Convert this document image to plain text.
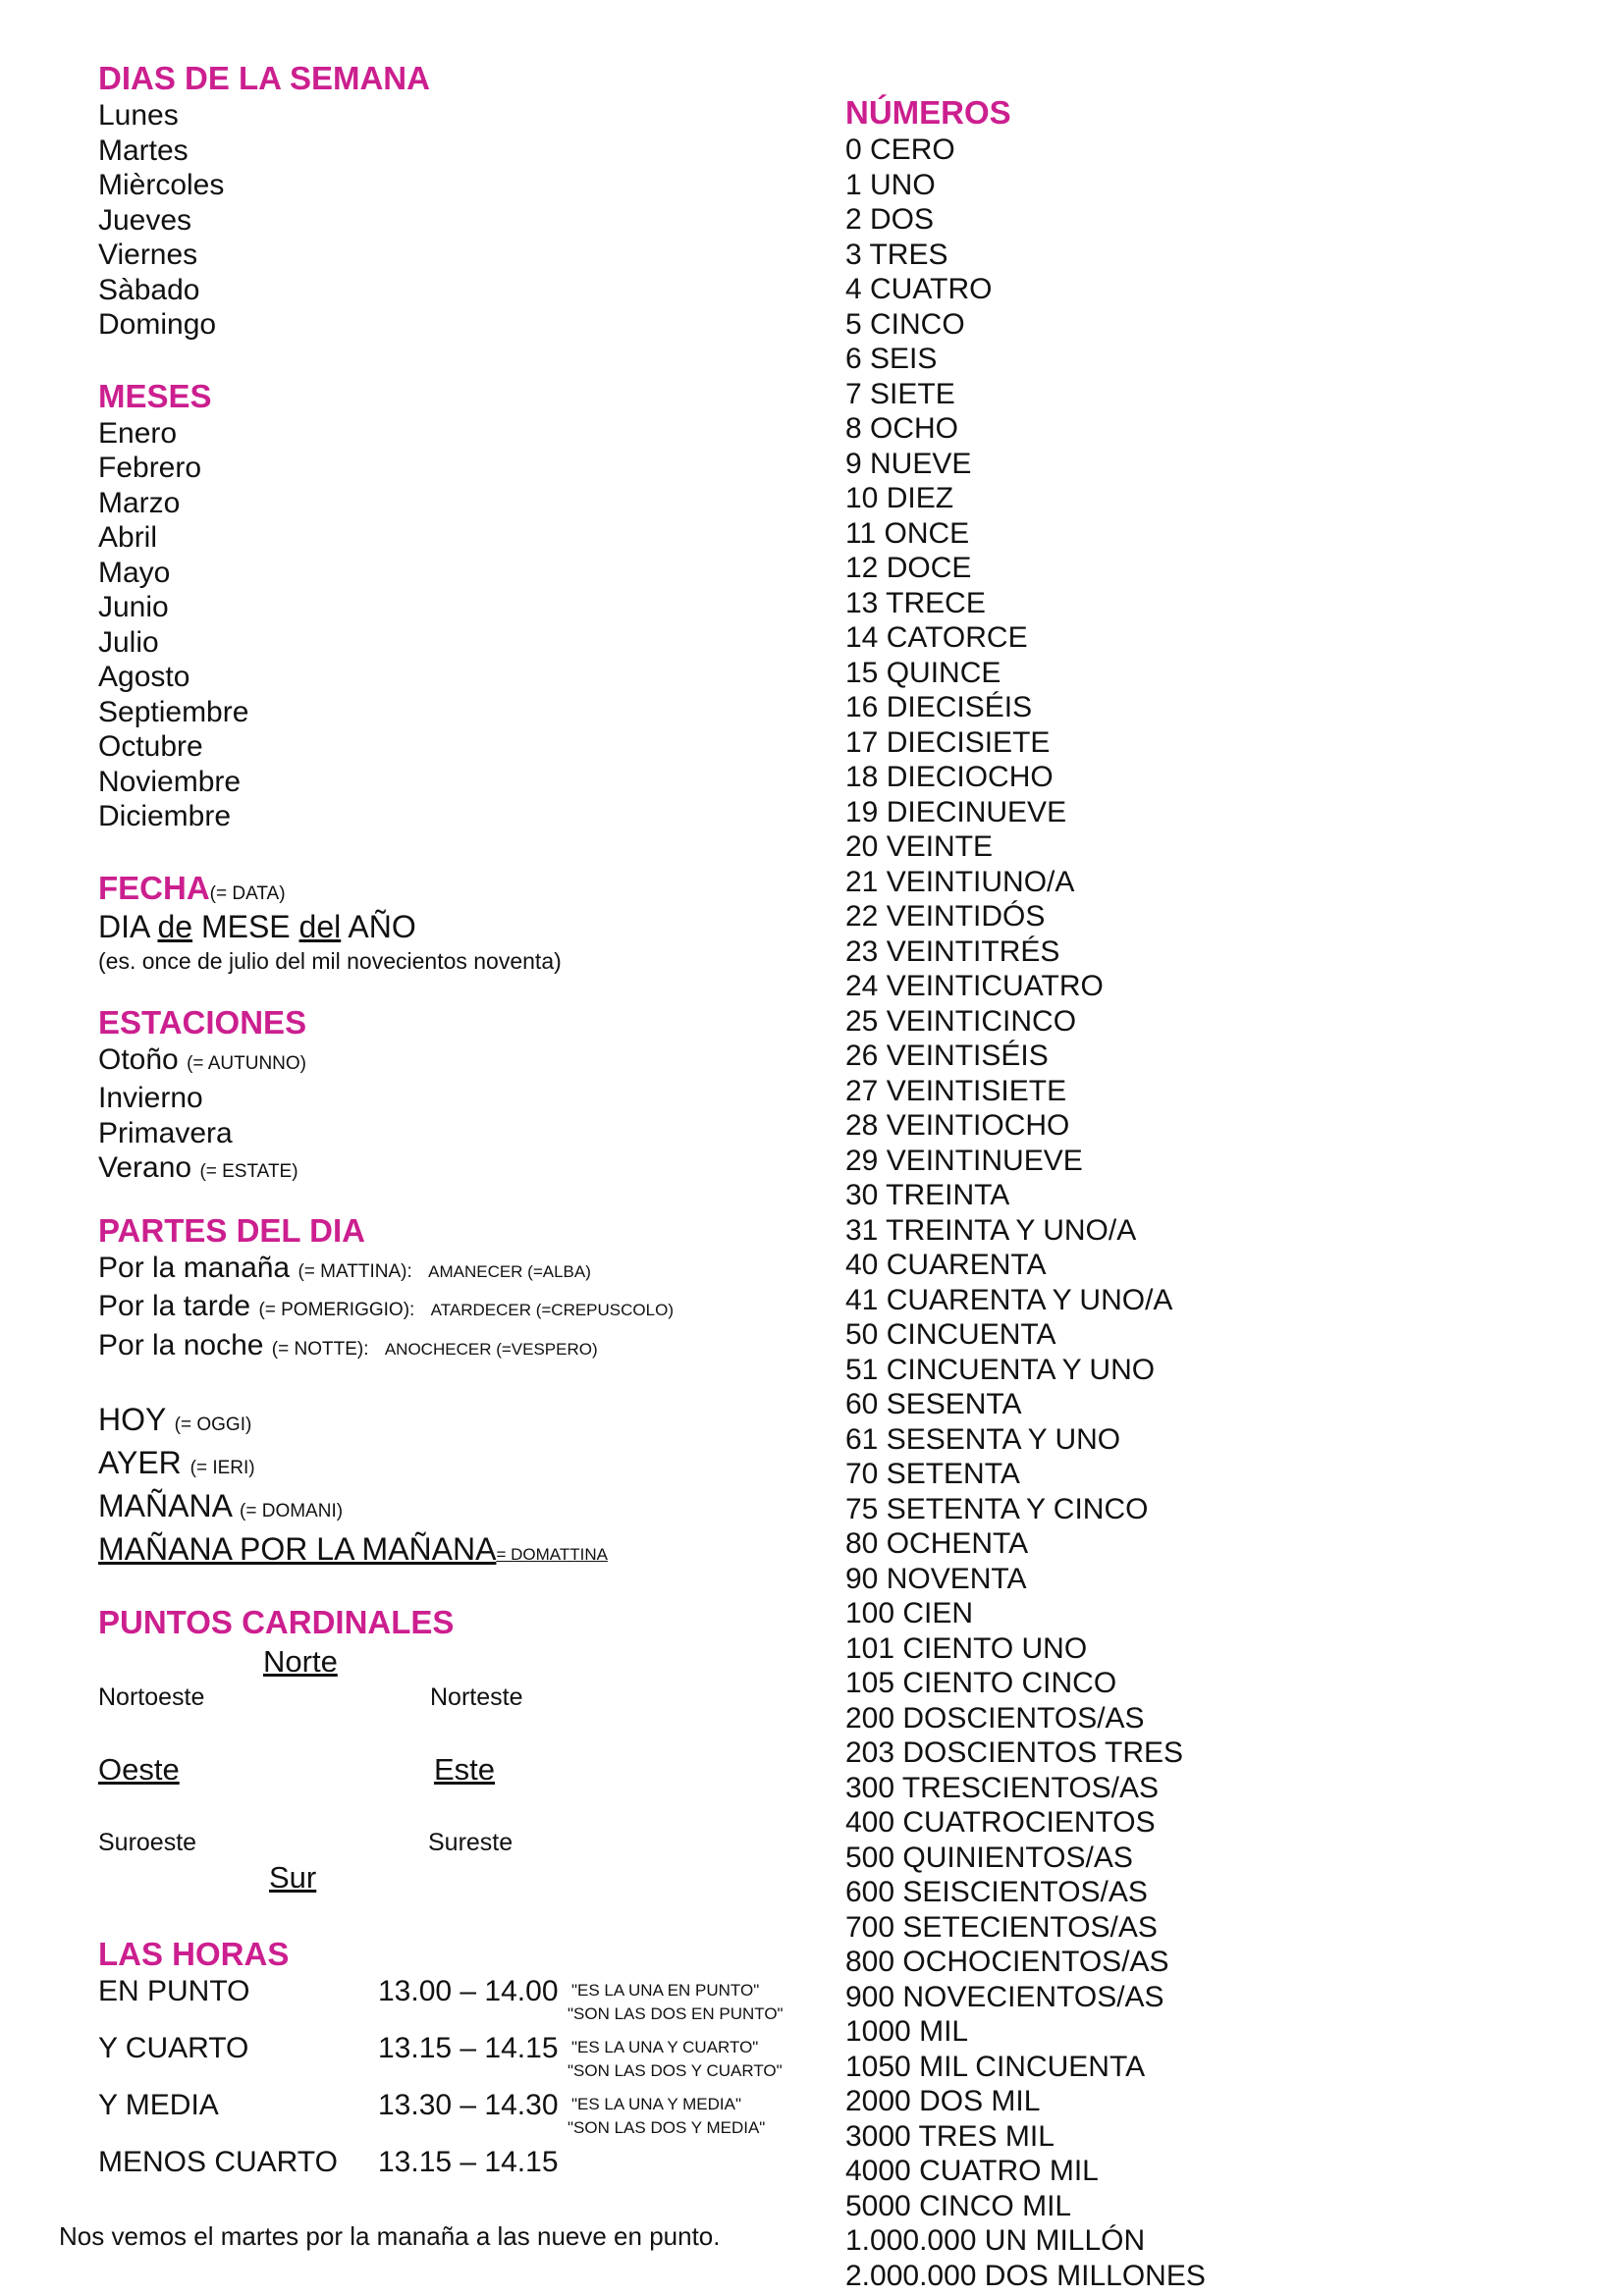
DIAS DE LA SEMANA
Lunes
Martes
Mièrcoles
Jueves
Viernes
Sàbado
Domingo
MESES
Enero
Febrero
Marzo
Abril
Mayo
Junio
Julio
Agosto
Septiembre
Octubre
Noviembre
Diciembre
FECHA(= DATA)
DIA de MESE del AÑO
(es. once de julio del mil novecientos noventa)
ESTACIONES
Otoño (= AUTUNNO)
Invierno
Primavera
Verano (= ESTATE)
PARTES DEL DIA
Por la manaña (= MATTINA): AMANECER (=ALBA)
Por la tarde (= POMERIGGIO): ATARDECER (=CREPUSCOLO)
Por la noche (= NOTTE): ANOCHECER (=VESPERO)
HOY (= OGGI)
AYER (= IERI)
MAÑANA (= DOMANI)
MAÑANA POR LA MAÑANA= DOMATTINA
PUNTOS CARDINALES
Norte
Nortoeste	Norteste
Oeste	Este
Suroeste	Sureste
Sur
LAS HORAS
EN PUNTO	13.00 – 14.00 "ES LA UNA EN PUNTO"
"SON LAS DOS EN PUNTO"
Y CUARTO	13.15 – 14.15 "ES LA UNA Y CUARTO"
"SON LAS DOS Y CUARTO"
Y MEDIA	13.30 – 14.30 "ES LA UNA Y MEDIA"
"SON LAS DOS Y MEDIA"
MENOS CUARTO 13.15 – 14.15
NÚMEROS
0 CERO
1 UNO
2 DOS
3 TRES
4 CUATRO
5 CINCO
6 SEIS
7 SIETE
8 OCHO
9 NUEVE
10 DIEZ
11 ONCE
12 DOCE
13 TRECE
14 CATORCE
15 QUINCE
16 DIECISÉIS
17 DIECISIETE
18 DIECIOCHO
19 DIECINUEVE
20 VEINTE
21 VEINTIUNO/A
22 VEINTIDÓS
23 VEINTITRÉS
24 VEINTICUATRO
25 VEINTICINCO
26 VEINTISÉIS
27 VEINTISIETE
28 VEINTIOCHO
29 VEINTINUEVE
30 TREINTA
31 TREINTA Y UNO/A
40 CUARENTA
41 CUARENTA Y UNO/A
50 CINCUENTA
51 CINCUENTA Y UNO
60 SESENTA
61 SESENTA Y UNO
70 SETENTA
75 SETENTA Y CINCO
80 OCHENTA
90 NOVENTA
100 CIEN
101 CIENTO UNO
105 CIENTO CINCO
200 DOSCIENTOS/AS
203 DOSCIENTOS TRES
300 TRESCIENTOS/AS
400 CUATROCIENTOS
500 QUINIENTOS/AS
600 SEISCIENTOS/AS
700 SETECIENTOS/AS
800 OCHOCIENTOS/AS
900 NOVECIENTOS/AS
1000 MIL
1050 MIL CINCUENTA
2000 DOS MIL
3000 TRES MIL
4000 CUATRO MIL
5000 CINCO MIL
1.000.000 UN MILLÓN
2.000.000 DOS MILLONES
Nos vemos el martes por la manaña a las nueve en punto.
